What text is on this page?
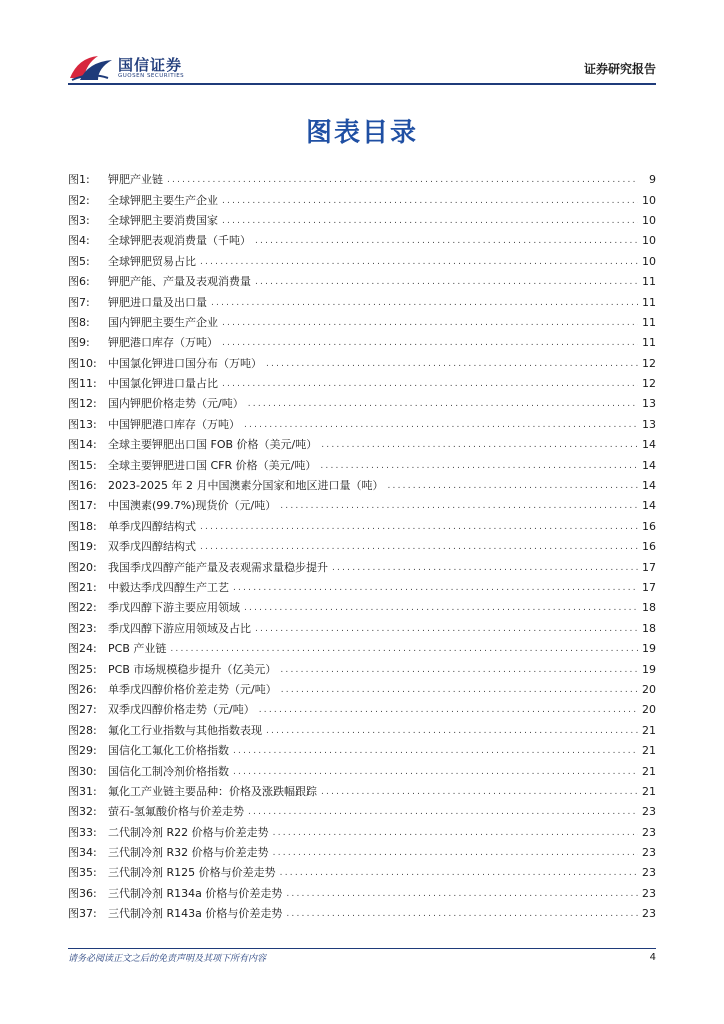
国信证券
GUOSEN SECURITIES	证券研究报告
图表目录
图1:	钾肥产业链 .....	9
图2:	全球钾肥主要生产企业 .....	10
图3:	全球钾肥主要消费国家 .....	10
图4:	全球钾肥表观消费量（千吨） .....	10
图5:	全球钾肥贸易占比 .....	10
图6:	钾肥产能、产量及表观消费量 .....	11
图7:	钾肥进口量及出口量 .....	11
图8:	国内钾肥主要生产企业 .....	11
图9:	钾肥港口库存（万吨） .....	11
图10:	中国氯化钾进口国分布（万吨） .....	12
图11:	中国氯化钾进口量占比 .....	12
图12:	国内钾肥价格走势（元/吨） .....	13
图13:	中国钾肥港口库存（万吨） .....	13
图14:	全球主要钾肥出口国 FOB 价格（美元/吨） .....	14
图15:	全球主要钾肥进口国 CFR 价格（美元/吨） .....	14
图16:	2023-2025 年 2 月中国澳素分国家和地区进口量（吨） .....	14
图17:	中国澳素(99.7%)现货价（元/吨） .....	14
图18:	单季戊四醇结构式 .....	16
图19:	双季戊四醇结构式 .....	16
图20:	我国季戊四醇产能产量及表观需求量稳步提升 .....	17
图21:	中毅达季戊四醇生产工艺 .....	17
图22:	季戊四醇下游主要应用领域 .....	18
图23:	季戊四醇下游应用领域及占比 .....	18
图24:	PCB 产业链 .....	19
图25:	PCB 市场规模稳步提升（亿美元） .....	19
图26:	单季戊四醇价格价差走势（元/吨） .....	20
图27:	双季戊四醇价格走势（元/吨） .....	20
图28:	氟化工行业指数与其他指数表现 .....	21
图29:	国信化工氟化工价格指数 .....	21
图30:	国信化工制冷剂价格指数 .....	21
图31:	氟化工产业链主要品种：价格及涨跌幅跟踪 .....	21
图32:	萤石-氢氟酸价格与价差走势 .....	23
图33:	二代制冷剂 R22 价格与价差走势 .....	23
图34:	三代制冷剂 R32 价格与价差走势 .....	23
图35:	三代制冷剂 R125 价格与价差走势 .....	23
图36:	三代制冷剂 R134a 价格与价差走势 .....	23
图37:	三代制冷剂 R143a 价格与价差走势 .....	23
请务必阅读正文之后的免责声明及其项下所有内容	4
